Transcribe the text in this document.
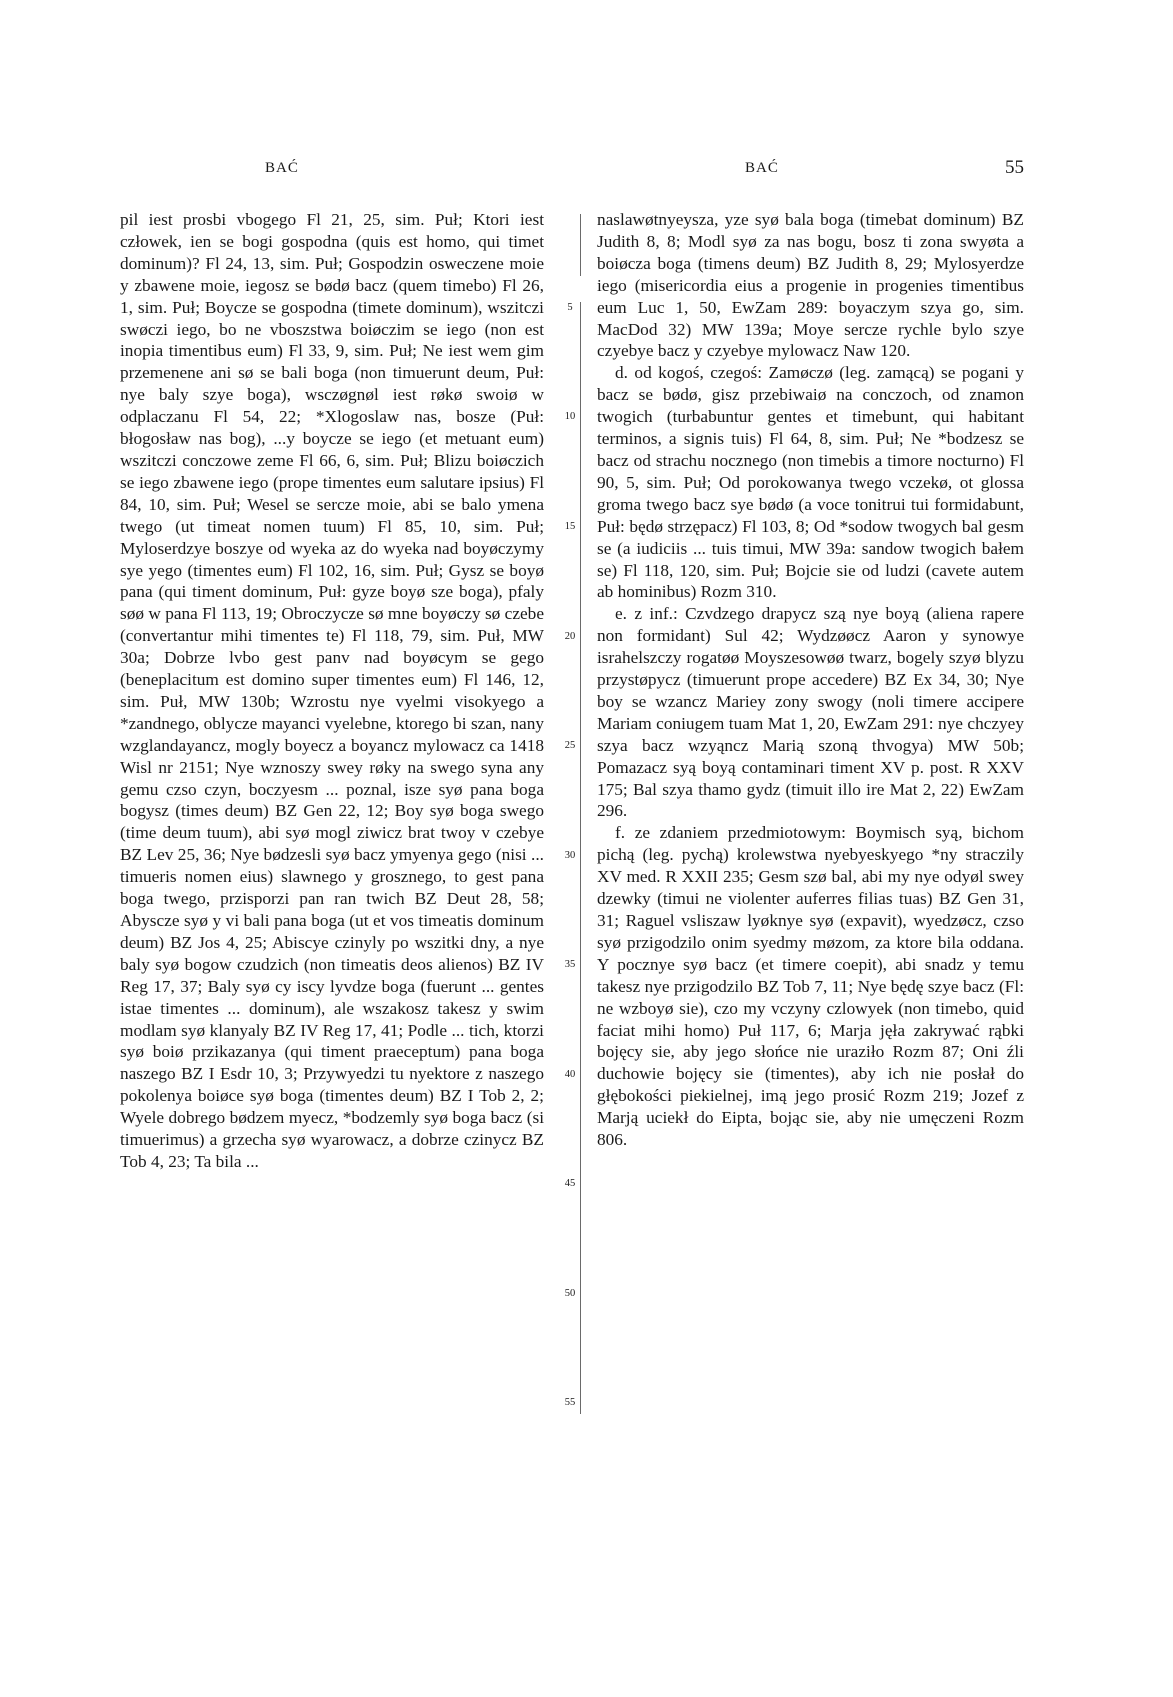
BAĆ	BAĆ	55

pil iest prosbi vbogego Fl 21, 25, sim. Puł; Ktori iest człowek, ien se bogi gospodna (quis est homo, qui timet dominum)? Fl 24, 13, sim. Puł; Gospodzin osweczene moie y zbawene moie, iegosz se bødø bacz (quem timebo) Fl 26, 1, sim. Puł; Boycze se gospodna (timete dominum), wszitczi swøczi iego, bo ne vboszstwa boiøczim se iego (non est inopia timentibus eum) Fl 33, 9, sim. Puł; Ne iest wem gim przemenene ani sø se bali boga (non timuerunt deum, Puł: nye baly szye boga), wsczøgnøl iest røkø swoiø w odplaczanu Fl 54, 22; *Xlogoslaw nas, bosze (Puł: błogosław nas bog), ...y boycze se iego (et metuant eum) wszitczi conczowe zeme Fl 66, 6, sim. Puł; Blizu boiøczich se iego zbawene iego (prope timentes eum salutare ipsius) Fl 84, 10, sim. Puł; Wesel se sercze moie, abi se balo ymena twego (ut timeat nomen tuum) Fl 85, 10, sim. Puł; Myloserdzye boszye od wyeka az do wyeka nad boyøczymy sye yego (timentes eum) Fl 102, 16, sim. Puł; Gysz se boyø pana (qui timent dominum, Puł: gyze boyø sze boga), pfaly søø w pana Fl 113, 19; Obroczycze sø mne boyøczy sø czebe (convertantur mihi timentes te) Fl 118, 79, sim. Puł, MW 30a; Dobrze lvbo gest panv nad boyøcym se gego (beneplacitum est domino super timentes eum) Fl 146, 12, sim. Puł, MW 130b; Wzrostu nye vyelmi visokyego a *zandnego, oblycze mayanci vyelebne, ktorego bi szan, nany wzglandayancz, mogly boyecz a boyancz mylowacz ca 1418 Wisl nr 2151; Nye wznoszy swey røky na swego syna any gemu czso czyn, boczyesm ... poznal, isze syø pana boga bogysz (times deum) BZ Gen 22, 12; Boy syø boga swego (time deum tuum), abi syø mogl ziwicz brat twoy v czebye BZ Lev 25, 36; Nye bødzesli syø bacz ymyenya gego (nisi ... timueris nomen eius) slawnego y grosznego, to gest pana boga twego, przisporzi pan ran twich BZ Deut 28, 58; Abyscze syø y vi bali pana boga (ut et vos timeatis dominum deum) BZ Jos 4, 25; Abiscye czinyly po wszitki dny, a nye baly syø bogow czudzich (non timeatis deos alienos) BZ IV Reg 17, 37; Baly syø cy iscy lyvdze boga (fuerunt ... gentes istae timentes ... dominum), ale wszakosz takesz y swim modlam syø klanyaly BZ IV Reg 17, 41; Podle ... tich, ktorzi syø boiø przikazanya (qui timent praeceptum) pana boga naszego BZ I Esdr 10, 3; Przywyedzi tu nyektore z naszego pokolenya boiøce syø boga (timentes deum) BZ I Tob 2, 2; Wyele dobrego bødzem myecz, *bodzemly syø boga bacz (si timuerimus) a grzecha syø wyarowacz, a dobrze czinycz BZ Tob 4, 23; Ta bila ...

5
10
15
20
25
30
35
40
45
50
55

naslawøtnyeysza, yze syø bala boga (timebat dominum) BZ Judith 8, 8; Modl syø za nas bogu, bosz ti zona swyøta a boiøcza boga (timens deum) BZ Judith 8, 29; Mylosyerdze iego (misericordia eius a progenie in progenies timentibus eum Luc 1, 50, EwZam 289: boyaczym szya go, sim. MacDod 32) MW 139a; Moye sercze rychle bylo szye czyebye bacz y czyebye mylowacz Naw 120.

d. od kogoś, czegoś: Zamøczø (leg. zamącą) se pogani y bacz se bødø, gisz przebiwaiø na conczoch, od znamon twogich (turbabuntur gentes et timebunt, qui habitant terminos, a signis tuis) Fl 64, 8, sim. Puł; Ne *bodzesz se bacz od strachu nocznego (non timebis a timore nocturno) Fl 90, 5, sim. Puł; Od porokowanya twego vczekø, ot glossa groma twego bacz sye bødø (a voce tonitrui tui formidabunt, Puł: będø strzępacz) Fl 103, 8; Od *sodow twogych bal gesm se (a iudiciis ... tuis timui, MW 39a: sandow twogich bałem se) Fl 118, 120, sim. Puł; Bojcie sie od ludzi (cavete autem ab hominibus) Rozm 310.

e. z inf.: Czvdzego drapycz szą nye boyą (aliena rapere non formidant) Sul 42; Wydzøøcz Aaron y synowye israhelszczy rogatøø Moyszesowøø twarz, bogely szyø blyzu przystøpycz (timuerunt prope accedere) BZ Ex 34, 30; Nye boy se wzancz Mariey zony swogy (noli timere accipere Mariam coniugem tuam Mat 1, 20, EwZam 291: nye chczyey szya bacz wzyąncz Marią szoną thvogya) MW 50b; Pomazacz syą boyą contaminari timent XV p. post. R XXV 175; Bal szya thamo gydz (timuit illo ire Mat 2, 22) EwZam 296.

f. ze zdaniem przedmiotowym: Boymisch syą, bichom pichą (leg. pychą) krolewstwa nyebyeskyego *ny straczily XV med. R XXII 235; Gesm szø bal, abi my nye odyøl swey dzewky (timui ne violenter auferres filias tuas) BZ Gen 31, 31; Raguel vsliszaw lyøknye syø (expavit), wyedzøcz, czso syø przigodzilo onim syedmy møzom, za ktore bila oddana. Y pocznye syø bacz (et timere coepit), abi snadz y temu takesz nye przigodzilo BZ Tob 7, 11; Nye będę szye bacz (Fl: ne wzboyø sie), czo my vczyny czlowyek (non timebo, quid faciat mihi homo) Puł 117, 6; Marja jęła zakrywać rąbki bojęcy sie, aby jego słońce nie uraziło Rozm 87; Oni źli duchowie bojęcy sie (timentes), aby ich nie posłał do głębokości piekielnej, imą jego prosić Rozm 219; Jozef z Marją uciekł do Eipta, bojąc sie, aby nie umęczeni Rozm 806.
